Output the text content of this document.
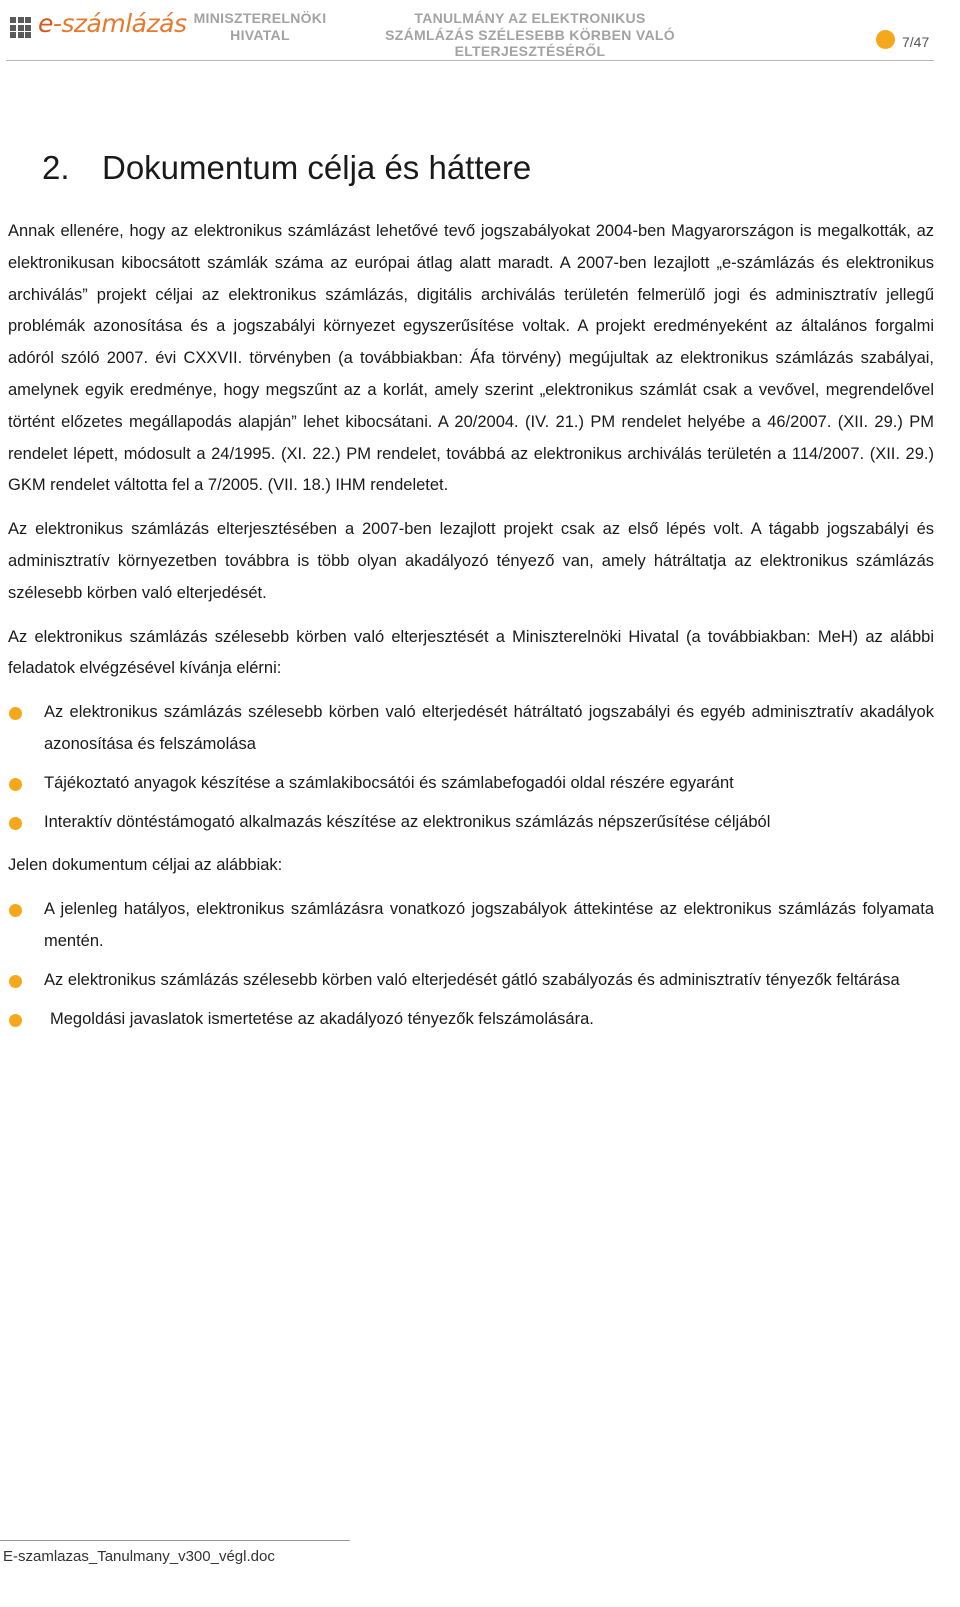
e-számlázás MINISZTERELNÖKI
HIVATAL
TANULMÁNY AZ ELEKTRONIKUS
SZÁMLÁZÁS SZÉLESEBB KÖRBEN VALÓ
ELTERJESZTÉSÉRŐL
7/47
2. Dokumentum célja és háttere

Annak ellenére, hogy az elektronikus számlázást lehetővé tevő jogszabályokat 2004-ben Magyarországon is megalkották, az elektronikusan kibocsátott számlák száma az európai átlag alatt maradt. A 2007-ben lezajlott „e-számlázás és elektronikus archiválás” projekt céljai az elektronikus számlázás, digitális archiválás területén felmerülő jogi és adminisztratív jellegű problémák azonosítása és a jogszabályi környezet egyszerűsítése voltak. A projekt eredményeként az általános forgalmi adóról szóló 2007. évi CXXVII. törvényben (a továbbiakban: Áfa törvény) megújultak az elektronikus számlázás szabályai, amelynek egyik eredménye, hogy megszűnt az a korlát, amely szerint „elektronikus számlát csak a vevővel, megrendelővel történt előzetes megállapodás alapján” lehet kibocsátani. A 20/2004. (IV. 21.) PM rendelet helyébe a 46/2007. (XII. 29.) PM rendelet lépett, módosult a 24/1995. (XI. 22.) PM rendelet, továbbá az elektronikus archiválás területén a 114/2007. (XII. 29.) GKM rendelet váltotta fel a 7/2005. (VII. 18.) IHM rendeletet.

Az elektronikus számlázás elterjesztésében a 2007-ben lezajlott projekt csak az első lépés volt. A tágabb jogszabályi és adminisztratív környezetben továbbra is több olyan akadályozó tényező van, amely hátráltatja az elektronikus számlázás szélesebb körben való elterjedését.

Az elektronikus számlázás szélesebb körben való elterjesztését a Miniszterelnöki Hivatal (a továbbiakban: MeH) az alábbi feladatok elvégzésével kívánja elérni:

Az elektronikus számlázás szélesebb körben való elterjedését hátráltató jogszabályi és egyéb adminisztratív akadályok azonosítása és felszámolása
Tájékoztató anyagok készítése a számlakibocsátói és számlabefogadói oldal részére egyaránt
Interaktív döntéstámogató alkalmazás készítése az elektronikus számlázás népszerűsítése céljából

Jelen dokumentum céljai az alábbiak:

A jelenleg hatályos, elektronikus számlázásra vonatkozó jogszabályok áttekintése az elektronikus számlázás folyamata mentén.
Az elektronikus számlázás szélesebb körben való elterjedését gátló szabályozás és adminisztratív tényezők feltárása
Megoldási javaslatok ismertetése az akadályozó tényezők felszámolására.
E-szamlazas_Tanulmany_v300_végl.doc
